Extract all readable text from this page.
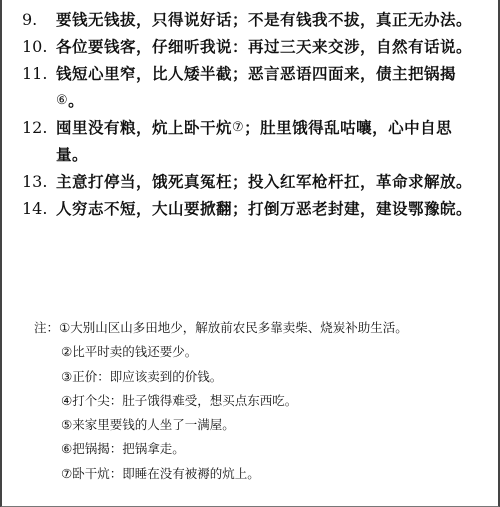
9.	要钱无钱拔，只得说好话；不是有钱我不拔，真正无办法。
10. 各位要钱客，仔细听我说：再过三天来交涉，自然有话说。
11. 钱短心里窄，比人矮半截；恶言恶语四面来，债主把锅揭⑥。
12. 囤里没有粮，炕上卧干炕⑦；肚里饿得乱咕嚷，心中自思量。
13. 主意打停当，饿死真冤枉；投入红军枪杆扛，革命求解放。
14. 人穷志不短，大山要掀翻；打倒万恶老封建，建设鄂豫皖。
注：①大别山区山多田地少，解放前农民多靠卖柴、烧炭补助生活。
②比平时卖的钱还要少。
③正价：即应该卖到的价钱。
④打个尖：肚子饿得难受，想买点东西吃。
⑤来家里要钱的人坐了一满屋。
⑥把锅揭：把锅拿走。
⑦卧干炕：即睡在没有被褥的炕上。
